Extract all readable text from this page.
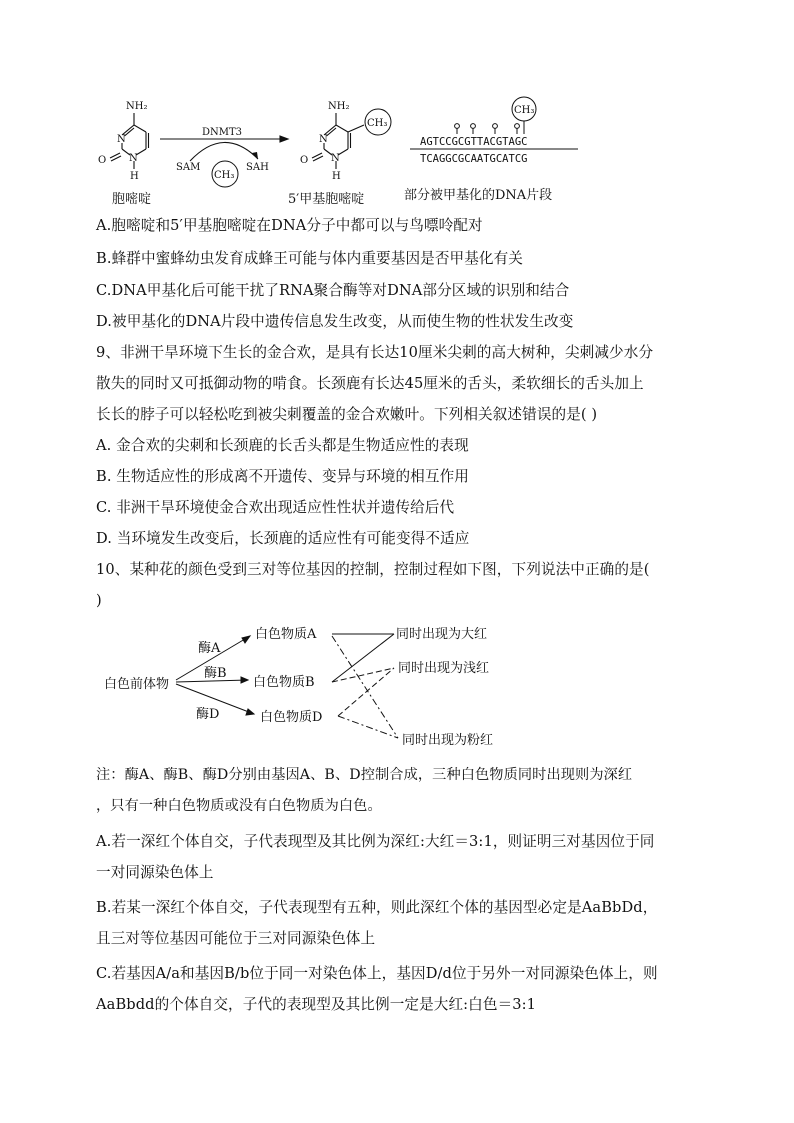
NH₂
N
N
O
H
胞嘧啶
DNMT3
SAM	SAH
CH₃
NH₂
N
N
O
H
CH₃
5′甲基胞嘧啶
CH₃
AGTCCGCGTTACGTAGC
TCAGGCGCAATGCATCG
部分被甲基化的DNA片段
A.胞嘧啶和5′甲基胞嘧啶在DNA分子中都可以与鸟嘌呤配对
B.蜂群中蜜蜂幼虫发育成蜂王可能与体内重要基因是否甲基化有关
C.DNA甲基化后可能干扰了RNA聚合酶等对DNA部分区域的识别和结合
D.被甲基化的DNA片段中遗传信息发生改变，从而使生物的性状发生改变
9、非洲干旱环境下生长的金合欢，是具有长达10厘米尖刺的高大树种，尖刺减少水分
散失的同时又可抵御动物的啃食。长颈鹿有长达45厘米的舌头，柔软细长的舌头加上
长长的脖子可以轻松吃到被尖刺覆盖的金合欢嫩叶。下列相关叙述错误的是( )
A. 金合欢的尖刺和长颈鹿的长舌头都是生物适应性的表现
B. 生物适应性的形成离不开遗传、变异与环境的相互作用
C. 非洲干旱环境使金合欢出现适应性性状并遗传给后代
D. 当环境发生改变后，长颈鹿的适应性有可能变得不适应
10、某种花的颜色受到三对等位基因的控制，控制过程如下图，下列说法中正确的是(
)
白色前体物
酶A
酶B
酶D
白色物质A
白色物质B
白色物质D
同时出现为大红
同时出现为浅红
同时出现为粉红
注：酶A、酶B、酶D分别由基因A、B、D控制合成，三种白色物质同时出现则为深红
，只有一种白色物质或没有白色物质为白色。
A.若一深红个体自交，子代表现型及其比例为深红:大红＝3:1，则证明三对基因位于同
一对同源染色体上
B.若某一深红个体自交，子代表现型有五种，则此深红个体的基因型必定是AaBbDd，
且三对等位基因可能位于三对同源染色体上
C.若基因A/a和基因B/b位于同一对染色体上，基因D/d位于另外一对同源染色体上，则
AaBbdd的个体自交，子代的表现型及其比例一定是大红:白色＝3:1
